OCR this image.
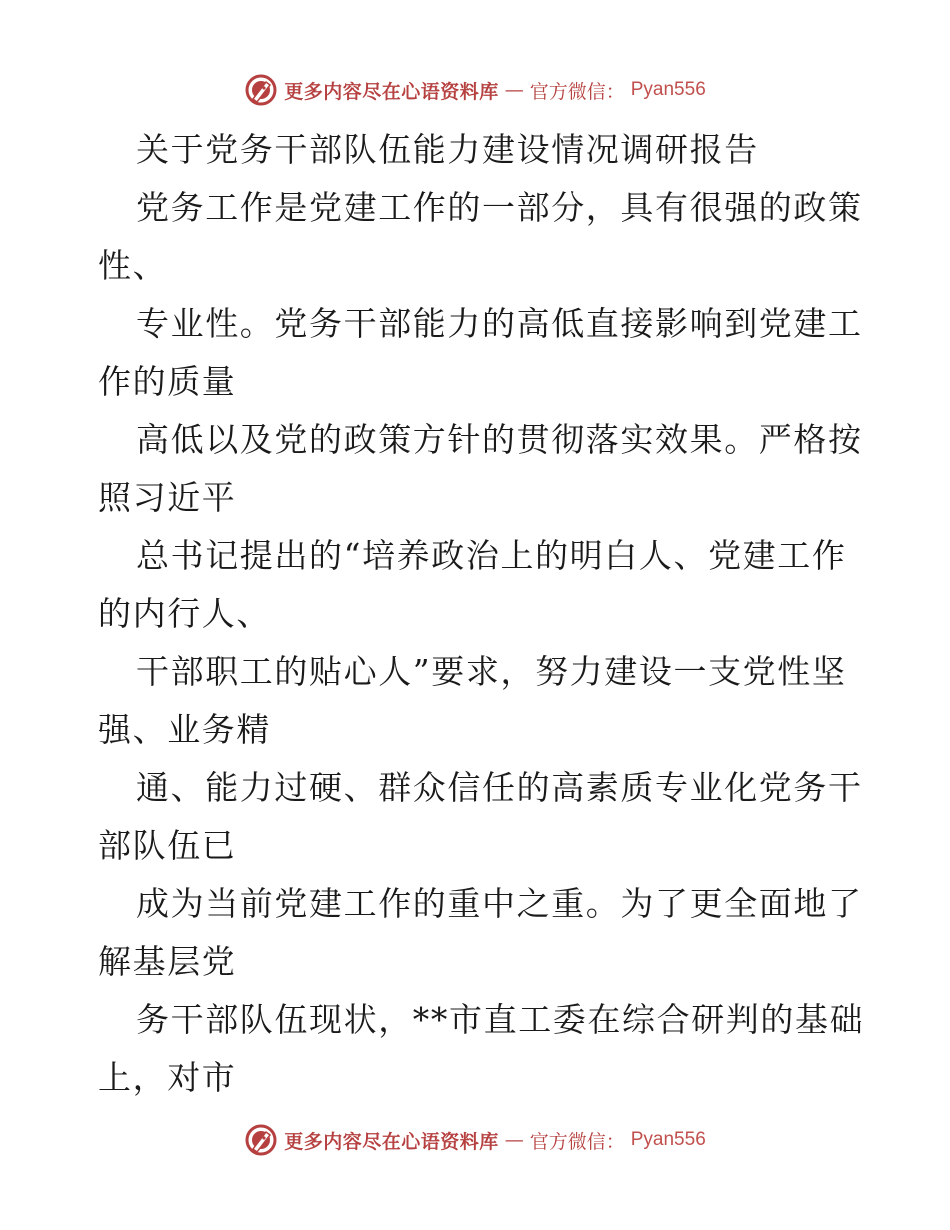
更多内容尽在心语资料库 — 官方微信： Pyan556
关于党务干部队伍能力建设情况调研报告
党务工作是党建工作的一部分，具有很强的政策
性、
专业性。党务干部能力的高低直接影响到党建工
作的质量
高低以及党的政策方针的贯彻落实效果。严格按
照习近平
总书记提出的“培养政治上的明白人、党建工作
的内行人、
干部职工的贴心人”要求，努力建设一支党性坚
强、业务精
通、能力过硬、群众信任的高素质专业化党务干
部队伍已
成为当前党建工作的重中之重。为了更全面地了
解基层党
务干部队伍现状，**市直工委在综合研判的基础
上，对市
更多内容尽在心语资料库 — 官方微信： Pyan556
